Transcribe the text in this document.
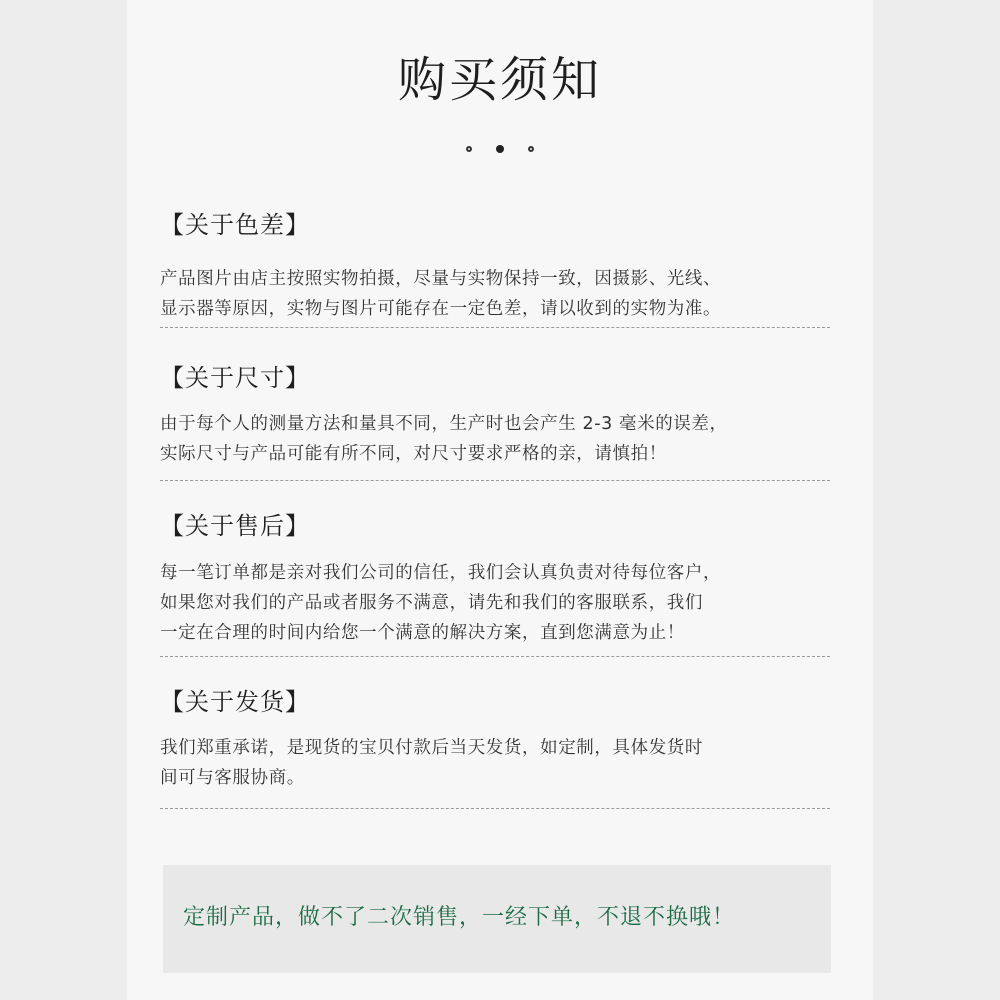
购买须知
【关于色差】

产品图片由店主按照实物拍摄，尽量与实物保持一致，因摄影、光线、
显示器等原因，实物与图片可能存在一定色差，请以收到的实物为准。

【关于尺寸】

由于每个人的测量方法和量具不同，生产时也会产生 2-3 毫米的误差，
实际尺寸与产品可能有所不同，对尺寸要求严格的亲，请慎拍！

【关于售后】

每一笔订单都是亲对我们公司的信任，我们会认真负责对待每位客户，
如果您对我们的产品或者服务不满意，请先和我们的客服联系，我们
一定在合理的时间内给您一个满意的解决方案，直到您满意为止！

【关于发货】

我们郑重承诺，是现货的宝贝付款后当天发货，如定制，具体发货时
间可与客服协商。

定制产品，做不了二次销售，一经下单，不退不换哦！
